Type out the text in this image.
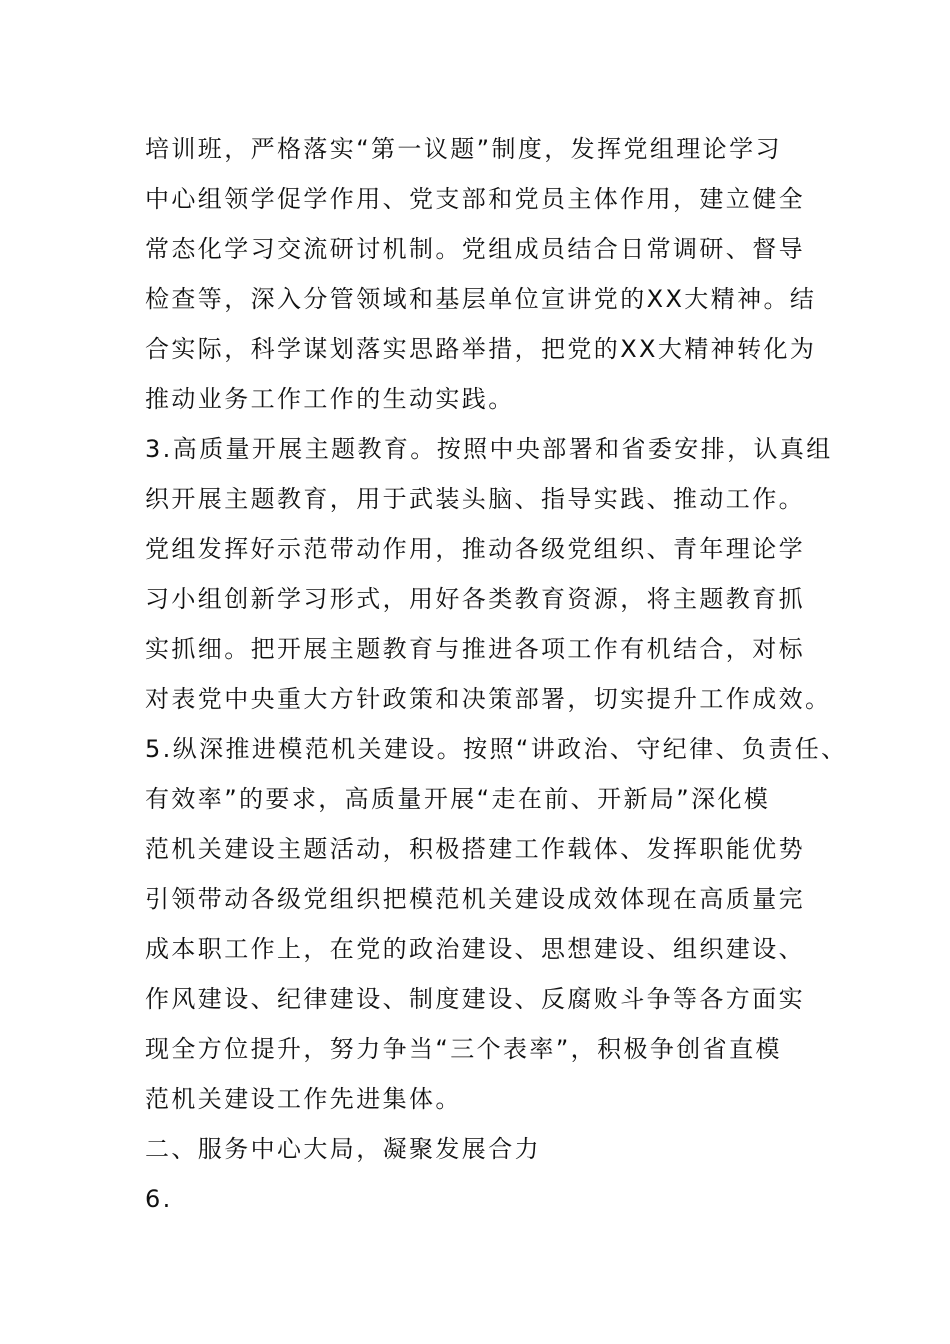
培训班，严格落实“第一议题”制度，发挥党组理论学习
中心组领学促学作用、党支部和党员主体作用，建立健全
常态化学习交流研讨机制。党组成员结合日常调研、督导
检查等，深入分管领域和基层单位宣讲党的XX大精神。结
合实际，科学谋划落实思路举措，把党的XX大精神转化为
推动业务工作工作的生动实践。
3.高质量开展主题教育。按照中央部署和省委安排，认真组
织开展主题教育，用于武装头脑、指导实践、推动工作。
党组发挥好示范带动作用，推动各级党组织、青年理论学
习小组创新学习形式，用好各类教育资源，将主题教育抓
实抓细。把开展主题教育与推进各项工作有机结合，对标
对表党中央重大方针政策和决策部署，切实提升工作成效。
5.纵深推进模范机关建设。按照“讲政治、守纪律、负责任、
有效率”的要求，高质量开展“走在前、开新局”深化模
范机关建设主题活动，积极搭建工作载体、发挥职能优势
引领带动各级党组织把模范机关建设成效体现在高质量完
成本职工作上，在党的政治建设、思想建设、组织建设、
作风建设、纪律建设、制度建设、反腐败斗争等各方面实
现全方位提升，努力争当“三个表率”，积极争创省直模
范机关建设工作先进集体。
二、服务中心大局，凝聚发展合力
6.
